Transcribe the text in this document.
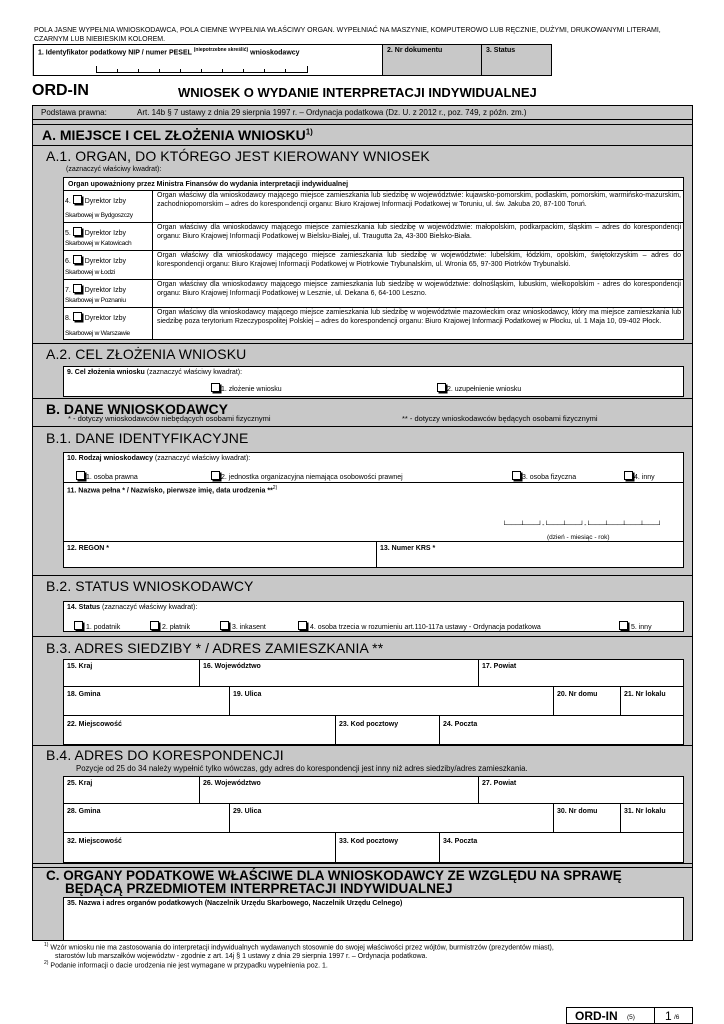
POLA JASNE WYPEŁNIA WNIOSKODAWCA, POLA CIEMNE WYPEŁNIA WŁAŚCIWY ORGAN. WYPEŁNIAĆ NA MASZYNIE, KOMPUTEROWO LUB RĘCZNIE, DUŻYMI, DRUKOWANYMI LITERAMI, CZARNYM LUB NIEBIESKIM KOLOREM.
1. Identyfikator podatkowy NIP / numer PESEL $^{(niepotrzebne skreślić)}$ wnioskodawcy	2. Nr dokumentu	3. Status
ORD-IN	WNIOSEK O WYDANIE INTERPRETACJI INDYWIDUALNEJ
Podstawa prawna:	Art. 14b § 7 ustawy z dnia 29 sierpnia 1997 r. – Ordynacja podatkowa (Dz. U. z 2012 r., poz. 749, z późn. zm.)
A. MIEJSCE I CEL ZŁOŻENIA WNIOSKU$^{1)}$
A.1. ORGAN, DO KTÓREGO JEST KIEROWANY WNIOSEK
(zaznaczyć właściwy kwadrat):
Organ upoważniony przez Ministra Finansów do wydania interpretacji indywidualnej
4. Dyrektor Izby
Skarbowej w Bydgoszczy
Organ właściwy dla wnioskodawcy mającego miejsce zamieszkania lub siedzibę w województwie: kujawsko-pomorskim, podlaskim, pomorskim, warmińsko-mazurskim, zachodniopomorskim – adres do korespondencji organu: Biuro Krajowej Informacji Podatkowej w Toruniu, ul. św. Jakuba 20, 87-100 Toruń.
5. Dyrektor Izby
Skarbowej w Katowicach
Organ właściwy dla wnioskodawcy mającego miejsce zamieszkania lub siedzibę w województwie: małopolskim, podkarpackim, śląskim – adres do korespondencji organu: Biuro Krajowej Informacji Podatkowej w Bielsku-Białej, ul. Traugutta 2a, 43-300 Bielsko-Biała.
6. Dyrektor Izby
Skarbowej w Łodzi
Organ właściwy dla wnioskodawcy mającego miejsce zamieszkania lub siedzibę w województwie: lubelskim, łódzkim, opolskim, świętokrzyskim – adres do korespondencji organu: Biuro Krajowej Informacji Podatkowej w Piotrkowie Trybunalskim, ul. Wronia 65, 97-300 Piotrków Trybunalski.
7. Dyrektor Izby
Skarbowej w Poznaniu
Organ właściwy dla wnioskodawcy mającego miejsce zamieszkania lub siedzibę w województwie: dolnośląskim, lubuskim, wielkopolskim - adres do korespondencji organu: Biuro Krajowej Informacji Podatkowej w Lesznie, ul. Dekana 6, 64-100 Leszno.
8. Dyrektor Izby
Skarbowej w Warszawie
Organ właściwy dla wnioskodawcy mającego miejsce zamieszkania lub siedzibę w województwie mazowieckim oraz wnioskodawcy, który ma miejsce zamieszkania lub siedzibę poza terytorium Rzeczypospolitej Polskiej – adres do korespondencji organu: Biuro Krajowej Informacji Podatkowej w Płocku, ul. 1 Maja 10, 09-402 Płock.
A.2. CEL ZŁOŻENIA WNIOSKU
9. Cel złożenia wniosku (zaznaczyć właściwy kwadrat):
1. złożenie wniosku	2. uzupełnienie wniosku
B. DANE WNIOSKODAWCY
* - dotyczy wnioskodawców niebędących osobami fizycznymi	** - dotyczy wnioskodawców będących osobami fizycznymi
B.1. DANE IDENTYFIKACYJNE
10. Rodzaj wnioskodawcy (zaznaczyć właściwy kwadrat):
1. osoba prawna	2. jednostka organizacyjna niemająca osobowości prawnej	3. osoba fizyczna	4. inny
11. Nazwa pełna * / Nazwisko, pierwsze imię, data urodzenia **$^{2)}$
└───┴───┘-└───┴───┘-└───┴───┴───┴───┘
(dzień - miesiąc - rok)
12. REGON *	13. Numer KRS *
B.2. STATUS WNIOSKODAWCY
14. Status (zaznaczyć właściwy kwadrat):
1. podatnik	2. płatnik	3. inkasent	4. osoba trzecia w rozumieniu art.110-117a ustawy - Ordynacja podatkowa	5. inny
B.3. ADRES SIEDZIBY * / ADRES ZAMIESZKANIA **
15. Kraj	16. Województwo	17. Powiat
18. Gmina	19. Ulica	20. Nr domu	21. Nr lokalu
22. Miejscowość	23. Kod pocztowy	24. Poczta
B.4. ADRES DO KORESPONDENCJI
Pozycje od 25 do 34 należy wypełnić tylko wówczas, gdy adres do korespondencji jest inny niż adres siedziby/adres zamieszkania.
25. Kraj	26. Województwo	27. Powiat
28. Gmina	29. Ulica	30. Nr domu	31. Nr lokalu
32. Miejscowość	33. Kod pocztowy	34. Poczta
C. ORGANY PODATKOWE WŁAŚCIWE DLA WNIOSKODAWCY ZE WZGLĘDU NA SPRAWĘ
BĘDĄCĄ PRZEDMIOTEM INTERPRETACJI INDYWIDUALNEJ
35. Nazwa i adres organów podatkowych (Naczelnik Urzędu Skarbowego, Naczelnik Urzędu Celnego)
$^{1)}$ Wzór wniosku nie ma zastosowania do interpretacji indywidualnych wydawanych stosownie do swojej właściwości przez wójtów, burmistrzów (prezydentów miast),
starostów lub marszałków województw - zgodnie z art. 14j § 1 ustawy z dnia 29 sierpnia 1997 r. – Ordynacja podatkowa.
$^{2)}$ Podanie informacji o dacie urodzenia nie jest wymagane w przypadku wypełnienia poz. 1.
ORD-IN (5)	1 /6
